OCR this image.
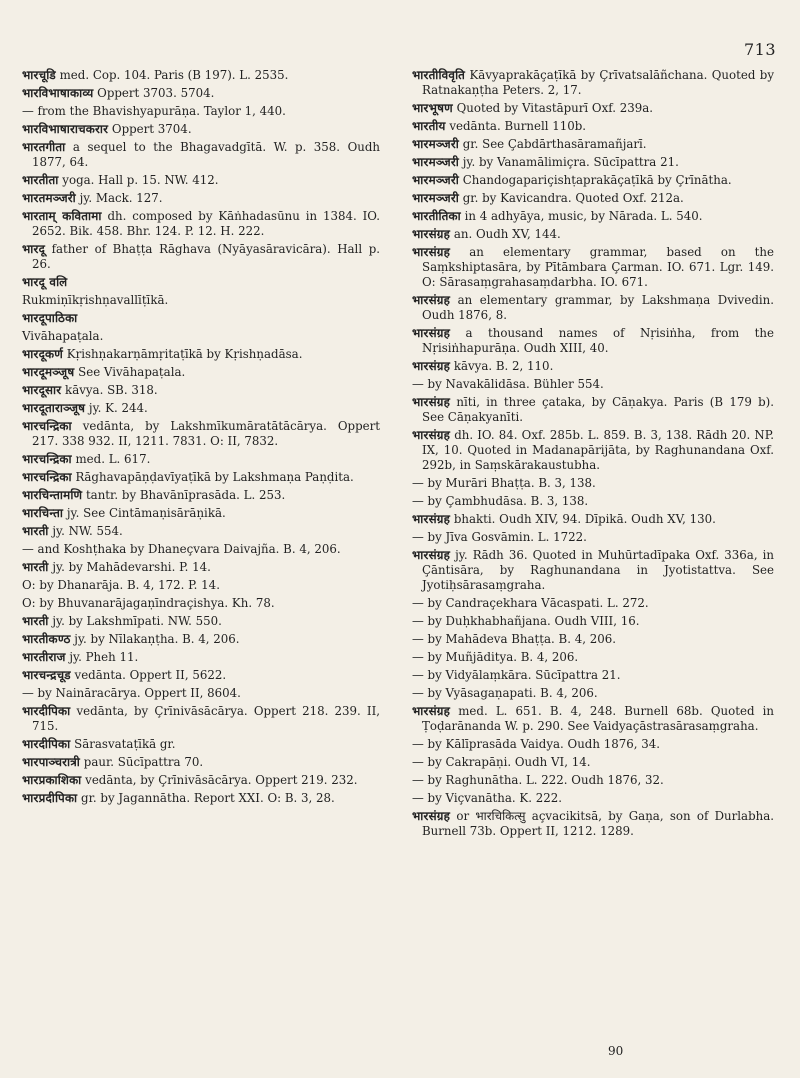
713

भारचूडि med. Cop. 104. Paris (B 197). L. 2535.

भारविभाषाकाव्य Oppert 3703. 5704.

— from the Bhavishyapurāṇa. Taylor 1, 440.

भारविभाषाराचकरार Oppert 3704.

भारतगीता a sequel to the Bhagavadgītā. W. p. 358. Oudh 1877, 64.

भारतीता yoga. Hall p. 15. NW. 412.

भारतमञ्जरी jy. Mack. 127.

भारताम् कवितामा dh. composed by Kāṅhadasūnu in 1384. IO. 2652. Bik. 458. Bhr. 124. P. 12. H. 222.

भारदू father of Bhaṭṭa Rāghava (Nyāyasāravicāra). Hall p. 26.

भारदू वलि

Rukmiṇīkṛishṇavallīṭīkā.

भारदूपाठिका

Vivāhapaṭala.

भारदूकर्ण Kṛishṇakarṇāmṛitaṭīkā by Kṛishṇadāsa.

भारदूमञ्जूष See Vivāhapaṭala.

भारदूसार kāvya. SB. 318.

भारदूताराञ्जूष jy. K. 244.

भारचन्द्रिका vedānta, by Lakshmīkumāratātācārya. Oppert 217. 338 932. II, 1211. 7831. O: II, 7832.

भारचन्द्रिका med. L. 617.

भारचन्द्रिका Rāghavapāṇḍavīyaṭīkā by Lakshmaṇa Paṇḍita.

भारचिन्तामणि tantr. by Bhavānīprasāda. L. 253.

भारचिन्ता jy. See Cintāmaṇisārāṇikā.

भारती jy. NW. 554.

— and Koshṭhaka by Dhaneçvara Daivajña. B. 4, 206.

भारती jy. by Mahādevarshi. P. 14.

O: by Dhanarāja. B. 4, 172. P. 14.

O: by Bhuvanarājagaṇīndraçishya. Kh. 78.

भारती jy. by Lakshmīpati. NW. 550.

भारतीकण्ठ jy. by Nīlakaṇṭha. B. 4, 206.

भारतीराज jy. Pheh 11.

भारचन्द्रचूड vedānta. Oppert II, 5622.

— by Naināracārya. Oppert II, 8604.

भारदीपिका vedānta, by Çrīnivāsācārya. Oppert 218. 239. II, 715.

भारदीपिका Sārasvataṭīkā gr.

भारपाञ्चरात्री paur. Sūcīpattra 70.

भारप्रकाशिका vedānta, by Çrīnivāsācārya. Oppert 219. 232.

भारप्रदीपिका gr. by Jagannātha. Report XXI. O: B. 3, 28.

भारतीविवृति Kāvyaprakāçaṭīkā by Çrīvatsalāñchana. Quoted by Ratnakaṇṭha Peters. 2, 17.

भारभूषण Quoted by Vitastāpurī Oxf. 239a.

भारतीय vedānta. Burnell 110b.

भारमञ्जरी gr. See Çabdārthasāramañjarī.

भारमञ्जरी jy. by Vanamālimiçra. Sūcīpattra 21.

भारमञ्जरी Chandogapariçishṭaprakāçaṭīkā by Çrīnātha.

भारमञ्जरी gr. by Kavicandra. Quoted Oxf. 212a.

भारतीतिका in 4 adhyāya, music, by Nārada. L. 540.

भारसंग्रह an. Oudh XV, 144.

भारसंग्रह an elementary grammar, based on the Saṃkshiptasāra, by Pītāmbara Çarman. IO. 671. Lgr. 149. O: Sārasaṃgrahasaṃdarbha. IO. 671.

भारसंग्रह an elementary grammar, by Lakshmaṇa Dvivedin. Oudh 1876, 8.

भारसंग्रह a thousand names of Nṛisiṅha, from the Nṛisiṅhapurāṇa. Oudh XIII, 40.

भारसंग्रह kāvya. B. 2, 110.

— by Navakālidāsa. Bühler 554.

भारसंग्रह nīti, in three çataka, by Cāṇakya. Paris (B 179 b). See Cāṇakyanīti.

भारसंग्रह dh. IO. 84. Oxf. 285b. L. 859. B. 3, 138. Rādh 20. NP. IX, 10. Quoted in Madanapārijāta, by Raghunandana Oxf. 292b, in Saṃskārakaustubha.

— by Murāri Bhaṭṭa. B. 3, 138.

— by Çambhudāsa. B. 3, 138.

भारसंग्रह bhakti. Oudh XIV, 94. Dīpikā. Oudh XV, 130.

— by Jīva Gosvāmin. L. 1722.

भारसंग्रह jy. Rādh 36. Quoted in Muhūrtadīpaka Oxf. 336a, in Çāntisāra, by Raghunandana in Jyotistattva. See Jyotiḥsārasaṃgraha.

— by Candraçekhara Vācaspati. L. 272.

— by Duḥkhabhañjana. Oudh VIII, 16.

— by Mahādeva Bhaṭṭa. B. 4, 206.

— by Muñjāditya. B. 4, 206.

— by Vidyālaṃkāra. Sūcīpattra 21.

— by Vyāsagaṇapati. B. 4, 206.

भारसंग्रह med. L. 651. B. 4, 248. Burnell 68b. Quoted in Ṭoḍarānanda W. p. 290. See Vaidyaçāstrasārasaṃgraha.

— by Kālīprasāda Vaidya. Oudh 1876, 34.

— by Cakrapāṇi. Oudh VI, 14.

— by Raghunātha. L. 222. Oudh 1876, 32.

— by Viçvanātha. K. 222.

भारसंग्रह or भारचिकित्सु açvacikitsā, by Gaṇa, son of Durlabha. Burnell 73b. Oppert II, 1212. 1289.

90
